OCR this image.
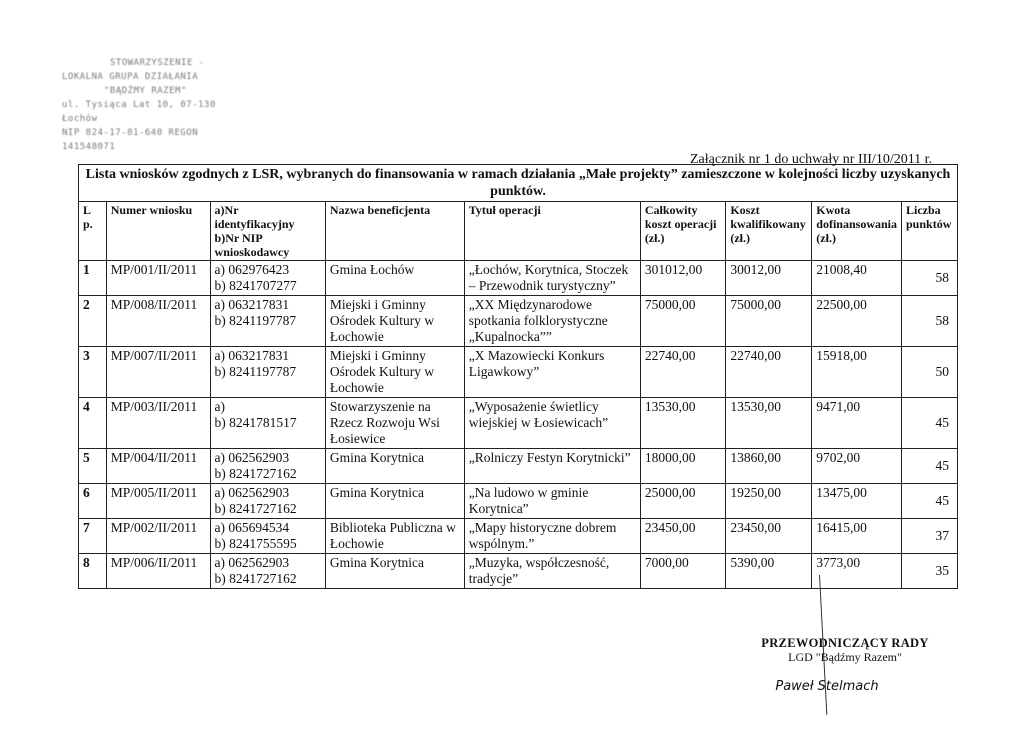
STOWARZYSZENIE -
LOKALNA GRUPA DZIAŁANIA
"BĄDŹMY RAZEM"
ul. Tysiąca Lat 10, 07-130 Łochów
NIP 824-17-81-640 REGON 141548071
Załącznik nr 1 do uchwały nr III/10/2011 r.
Lista wniosków zgodnych z LSR, wybranych do finansowania w ramach działania „Małe projekty” zamieszczone w kolejności liczby uzyskanych punktów.								
L p.	Numer wniosku	a)Nr identyfikacyjny b)Nr NIP wnioskodawcy	Nazwa beneficjenta	Tytuł operacji	Całkowity koszt operacji (zł.)	Koszt kwalifikowany (zł.)	Kwota dofinansowania (zł.)	Liczba punktów
1	MP/001/II/2011	a) 062976423
b) 8241707277	Gmina Łochów	„Łochów, Korytnica, Stoczek – Przewodnik turystyczny”	301012,00	30012,00	21008,40	58
2	MP/008/II/2011	a) 063217831
b) 8241197787	Miejski i Gminny Ośrodek Kultury w Łochowie	„XX Międzynarodowe spotkania folklorystyczne „Kupalnocka””	75000,00	75000,00	22500,00	58
3	MP/007/II/2011	a) 063217831
b) 8241197787	Miejski i Gminny Ośrodek Kultury w Łochowie	„X Mazowiecki Konkurs Ligawkowy”	22740,00	22740,00	15918,00	50
4	MP/003/II/2011	a)
b) 8241781517	Stowarzyszenie na Rzecz Rozwoju Wsi Łosiewice	„Wyposażenie świetlicy wiejskiej w Łosiewicach”	13530,00	13530,00	9471,00	45
5	MP/004/II/2011	a) 062562903
b) 8241727162	Gmina Korytnica	„Rolniczy Festyn Korytnicki”	18000,00	13860,00	9702,00	45
6	MP/005/II/2011	a) 062562903
b) 8241727162	Gmina Korytnica	„Na ludowo w gminie Korytnica”	25000,00	19250,00	13475,00	45
7	MP/002/II/2011	a) 065694534
b) 8241755595	Biblioteka Publiczna w Łochowie	„Mapy historyczne dobrem wspólnym.”	23450,00	23450,00	16415,00	37
8	MP/006/II/2011	a) 062562903
b) 8241727162	Gmina Korytnica	„Muzyka, współczesność, tradycje”	7000,00	5390,00	3773,00	35
PRZEWODNICZĄCY RADY
LGD "Bądźmy Razem"
Paweł Stelmach
